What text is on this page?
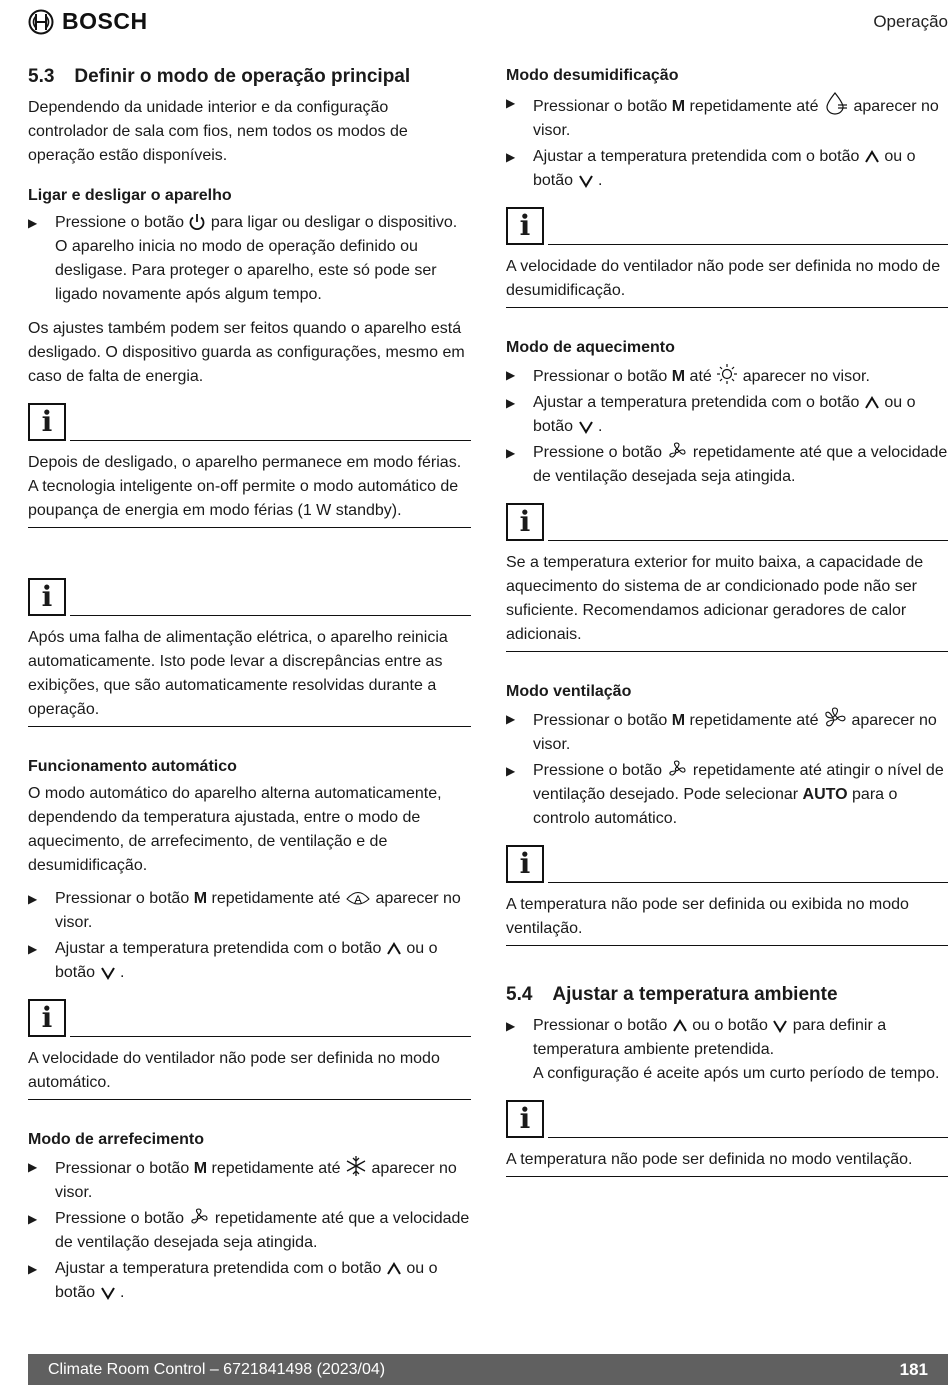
BOSCH	Operação
5.3 Definir o modo de operação principal

Dependendo da unidade interior e da configuração controlador de sala com fios, nem todos os modos de operação estão disponíveis.

Ligar e desligar o aparelho
▶ Pressione o botão para ligar ou desligar o dispositivo.
O aparelho inicia no modo de operação definido ou desligase. Para proteger o aparelho, este só pode ser ligado novamente após algum tempo.

Os ajustes também podem ser feitos quando o aparelho está desligado. O dispositivo guarda as configurações, mesmo em caso de falta de energia.

i
Depois de desligado, o aparelho permanece em modo férias. A tecnologia inteligente on-off permite o modo automático de poupança de energia em modo férias (1 W standby).
i
Após uma falha de alimentação elétrica, o aparelho reinicia automaticamente. Isto pode levar a discrepâncias entre as exibições, que são automaticamente resolvidas durante a operação.
Funcionamento automático

O modo automático do aparelho alterna automaticamente, dependendo da temperatura ajustada, entre o modo de aquecimento, de arrefecimento, de ventilação e de desumidificação.

▶ Pressionar o botão M repetidamente até A aparecer no visor.
▶ Ajustar a temperatura pretendida com o botão ou o botão  .
i
A velocidade do ventilador não pode ser definida no modo automático.
Modo de arrefecimento
▶ Pressionar o botão M repetidamente até aparecer no visor.
▶ Pressione o botão repetidamente até que a velocidade de ventilação desejada seja atingida.
▶ Ajustar a temperatura pretendida com o botão ou o botão  .
Modo desumidificação
▶ Pressionar o botão M repetidamente até aparecer no visor.
▶ Ajustar a temperatura pretendida com o botão ou o botão  .
i
A velocidade do ventilador não pode ser definida no modo de desumidificação.
Modo de aquecimento
▶ Pressionar o botão M até aparecer no visor.
▶ Ajustar a temperatura pretendida com o botão ou o botão  .
▶ Pressione o botão repetidamente até que a velocidade de ventilação desejada seja atingida.
i
Se a temperatura exterior for muito baixa, a capacidade de aquecimento do sistema de ar condicionado pode não ser suficiente. Recomendamos adicionar geradores de calor adicionais.
Modo ventilação
▶ Pressionar o botão M repetidamente até aparecer no visor.
▶ Pressione o botão repetidamente até atingir o nível de ventilação desejado. Pode selecionar AUTO para o controlo automático.
i
A temperatura não pode ser definida ou exibida no modo ventilação.
5.4 Ajustar a temperatura ambiente
▶ Pressionar o botão ou o botão para definir a temperatura ambiente pretendida.
A configuração é aceite após um curto período de tempo.
i
A temperatura não pode ser definida no modo ventilação.
Climate Room Control – 6721841498 (2023/04)	181
